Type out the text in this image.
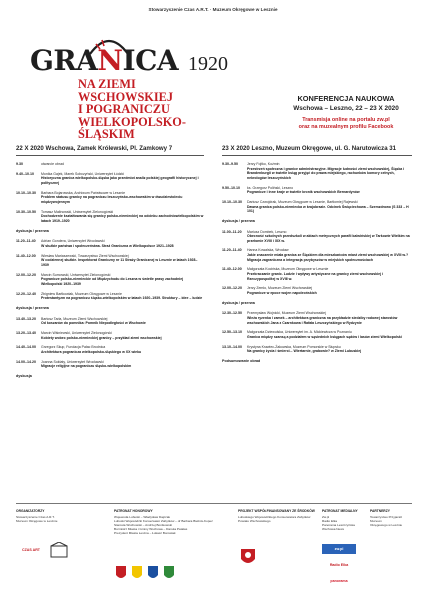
Stowarzyszenie Czas A.R.T. · Muzeum Okręgowe w Lesznie
GRANICA 1920
NA ZIEMI WSCHOWSKIEJ
I POGRANICZU
WIELKOPOLSKO-ŚLĄSKIM
KONFERENCJA NAUKOWA
Wschowa – Leszno, 22 – 23 X 2020
Transmisja online na portalu zw.pl
oraz na muzealnym profilu Facebook
22 X 2020 Wschowa, Zamek Królewski, Pl. Zamkowy 7
9.30	otwarcie obrad
9.40–10.10	Monika Gajek, Marek Sobczyński, Uniwersytet Łódzki
Historyczna granica wielkopolsko-śląska jako przedmiot analiz polskiej geografii historycznej i politycznej
10.10–10.30	Barbara Bojarowska, Archiwum Państwowe w Lesznie
Problem statusu granicy na pograniczu leszczyńsko-wschowskim w dwudziestoleciu międzywojennym
10.30–10.50	Tomasz Malinowski, Uniwersytet Zielonogórski
Dochodzenie kształtowania się granicy polsko-niemieckiej na odcinku zachodniowielkopolskim w latach 1919–1920
dyskusja / przerwa
11.20–11.40	Adrian Gondera, Uniwersytet Wrocławski
W służbie państwa i społeczeństwa. Straż Graniczna w Wielkopolsce 1921–1928
11.40–12.00	Wiesław Mariaszewski, Towarzystwo Ziemi Wschowskiej
W codziennej służbie. Inspektorat Graniczny nr 11 Straży Granicznej w Lesznie w latach 1928–1939
12.00–12.20	Marcin Sumowski, Uniwersytet Zielonogórski
Pogranicze polsko-niemieckie od Międzychodu do Leszna w świetle prasy zachodniej Wielkopolski 1920–1939
12.20–12.40	Zbigniew Bartkowiak, Muzeum Okręgowe w Lesznie
Protestantyzm na pograniczu śląsko-wielkopolskim w latach 1920–1939. Struktury – idee – ludzie
dyskusja / przerwa
13.40–13.20	Bartosz Tarła, Muzeum Ziemi Wschowskiej
Od koszarów do pomnika: Pomnik Niepodległości w Wschowie
13.20–13.40	Marcin Wiśniewski, Uniwersytet Zielonogórski
Kobiety wobec polsko-niemieckiej granicy – przykład ziemi wschowskiej
14.40–14.00	Grzegorz Skup, Fundacja Pałac Brodnica
Architektura pogranicza wielkopolsko-śląskiego w XX wieku
14.00–14.20	Joanna Sołdaty, Uniwersytet Wrocławski
Migracje religijne na pograniczu śląsko-wielkopolskim
dyskusja
23 X 2020 Leszno, Muzeum Okręgowe, ul. G. Narutowicza 31
9.30–9.50	Jerzy Fojtko, Koźmin
Przestrzeń społeczna i granice administracyjne. Migracje ludności ziemi wschowskiej, Śląska i Brandenburgii w świetle ksiąg przyjęć do prawa miejskiego, rachunków komory celnych, nekrologów leszczyńskich
9.50–10.10	ks. Grzegorz Poliński, Leszno
Pogranicze i inne kraje w świetle kronik wschowskich Bernardynów
10.10–10.30	Dariusz Czwojdrak, Muzeum Okręgowe w Lesznie, Bartłomiej Rajewski
Dawna granica polsko-niemiecka w krajobrazie. Odcinek Święciechowa – Szemzdrowo (S 333 – H 101)
dyskusja / przerwa
11.00–11.20	Mariusz Dombek, Leszno
Obecność szkolnych przedszkoli w aktach metrycznych parafii kalwińskiej w Tarkowie Wielkim na przełomie XVIII i XIX w.
11.20–11.40	Hanna Kowalska, Wrocław
Jakie znaczenie miała granica ze Śląskiem dla mieszkańców miast ziemi wschowskiej w XVIII w.? Migracja zagraniczna a integracja przybyszów w miejskich społecznościach
11.40–12.00	Małgorzata Kocińska, Muzeum Okręgowe w Lesznie
Przekraczanie granic. Ludzie i wpływy artystyczne na granicy ziemi wschowskiej i Rzeczypospolitej w XVIII w.
12.00–12.20	Jerzy Zemło, Muzeum Ziemi Wschowskiej
Pogranicze w epoce wojen napoleońskich
dyskusja / przerwa
12.30–12.50	Przemysław Wojnicki, Muzeum Ziemi Wschowskiej
Wieża ryzenka i zamek – architektura graniczna na przykładzie siedziby rodowej starostów wschowskich Jana z Czarnkowa i Rafała Leszczyńskiego w Rydzynie
12.50–13.10	Małgorzata Dziewulska, Uniwersytet im. A. Mickiewicza w Poznaniu
Granica między szansą a podziałem w sąsiednich księgach sądów i lasów ziemi Wielkopolski
13.10–14.00	Krystyna Krawiec-Żakowska, Muzeum Pomorskie w Słupsku
Na granicy życia i śmierci... Wiertarnie, grabowie? w Ziemi Lubuskiej
Podsumowanie obrad
ORGANIZATORZY
Stowarzyszenie Czas A.R.T.
Muzeum Okręgowe w Lesznie
PATRONAT HONOROWY
Wojewoda Lubuski – Władysław Dajczak
Lubuski Wojewódzki Konserwator Zabytków – dr Barbara Bielinis-Kopeć
Starosta Wschowski – Andrzej Bonikowski
Burmistrz Miasta i Gminy Wschowa – Danuta Patalas
Prezydent Miasta Leszna – Łukasz Borowiak
PROJEKT WSPÓŁFINANSOWANY ZE ŚRODKÓW
Lubuskiego Wojewódzkiego Konserwatora Zabytków
Powiatu Wschowskiego
PATRONAT MEDIALNY
Zw.pl
Radio Elka
Panorama Leszczyńska
Wschowa News
PARTNERZY
Towarzystwo Przyjaciół Muzeum
Okręgowego w Lesznie
CZAS ART	zw.pl
Radio Elka
panorama
